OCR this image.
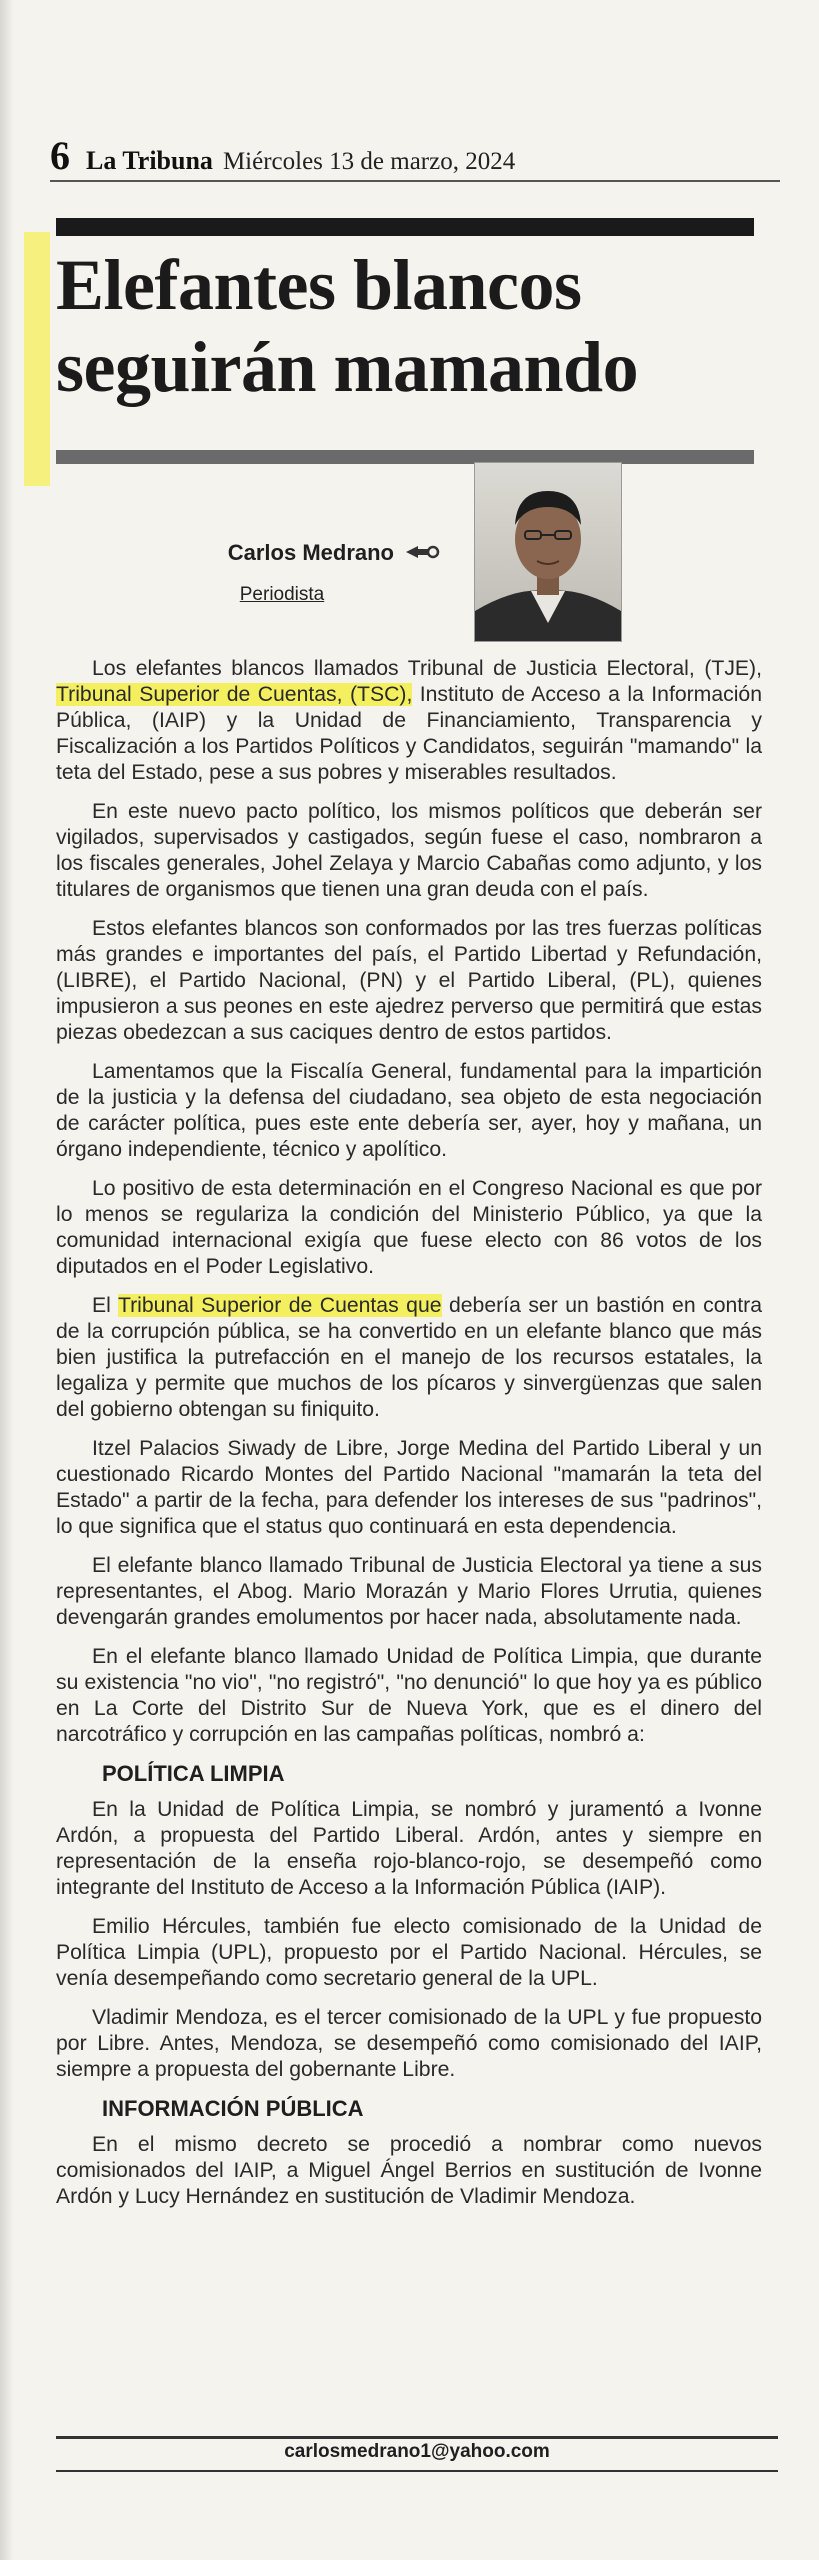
6 La Tribuna Miércoles 13 de marzo, 2024
Elefantes blancos
seguirán mamando
Carlos Medrano
Periodista

Los elefantes blancos llamados Tribunal de Justicia Electoral, (TJE), Tribunal Superior de Cuentas, (TSC), Instituto de Acceso a la Información Pública, (IAIP) y la Unidad de Financiamiento, Transparencia y Fiscalización a los Partidos Políticos y Candidatos, seguirán "mamando" la teta del Estado, pese a sus pobres y miserables resultados.

En este nuevo pacto político, los mismos políticos que deberán ser vigilados, supervisados y castigados, según fuese el caso, nombraron a los fiscales generales, Johel Zelaya y Marcio Cabañas como adjunto, y los titulares de organismos que tienen una gran deuda con el país.

Estos elefantes blancos son conformados por las tres fuerzas políticas más grandes e importantes del país, el Partido Libertad y Refundación, (LIBRE), el Partido Nacional, (PN) y el Partido Liberal, (PL), quienes impusieron a sus peones en este ajedrez perverso que permitirá que estas piezas obedezcan a sus caciques dentro de estos partidos.

Lamentamos que la Fiscalía General, fundamental para la impartición de la justicia y la defensa del ciudadano, sea objeto de esta negociación de carácter política, pues este ente debería ser, ayer, hoy y mañana, un órgano independiente, técnico y apolítico.

Lo positivo de esta determinación en el Congreso Nacional es que por lo menos se regulariza la condición del Ministerio Público, ya que la comunidad internacional exigía que fuese electo con 86 votos de los diputados en el Poder Legislativo.

El Tribunal Superior de Cuentas que debería ser un bastión en contra de la corrupción pública, se ha convertido en un elefante blanco que más bien justifica la putrefacción en el manejo de los recursos estatales, la legaliza y permite que muchos de los pícaros y sinvergüenzas que salen del gobierno obtengan su finiquito.

Itzel Palacios Siwady de Libre, Jorge Medina del Partido Liberal y un cuestionado Ricardo Montes del Partido Nacional "mamarán la teta del Estado" a partir de la fecha, para defender los intereses de sus "padrinos", lo que significa que el status quo continuará en esta dependencia.

El elefante blanco llamado Tribunal de Justicia Electoral ya tiene a sus representantes, el Abog. Mario Morazán y Mario Flores Urrutia, quienes devengarán grandes emolumentos por hacer nada, absolutamente nada.

En el elefante blanco llamado Unidad de Política Limpia, que durante su existencia "no vio", "no registró", "no denunció" lo que hoy ya es público en La Corte del Distrito Sur de Nueva York, que es el dinero del narcotráfico y corrupción en las campañas políticas, nombró a:

POLÍTICA LIMPIA

En la Unidad de Política Limpia, se nombró y juramentó a Ivonne Ardón, a propuesta del Partido Liberal. Ardón, antes y siempre en representación de la enseña rojo-blanco-rojo, se desempeñó como integrante del Instituto de Acceso a la Información Pública (IAIP).

Emilio Hércules, también fue electo comisionado de la Unidad de Política Limpia (UPL), propuesto por el Partido Nacional. Hércules, se venía desempeñando como secretario general de la UPL.

Vladimir Mendoza, es el tercer comisionado de la UPL y fue propuesto por Libre. Antes, Mendoza, se desempeñó como comisionado del IAIP, siempre a propuesta del gobernante Libre.

INFORMACIÓN PÚBLICA

En el mismo decreto se procedió a nombrar como nuevos comisionados del IAIP, a Miguel Ángel Berrios en sustitución de Ivonne Ardón y Lucy Hernández en sustitución de Vladimir Mendoza.

carlosmedrano1@yahoo.com
